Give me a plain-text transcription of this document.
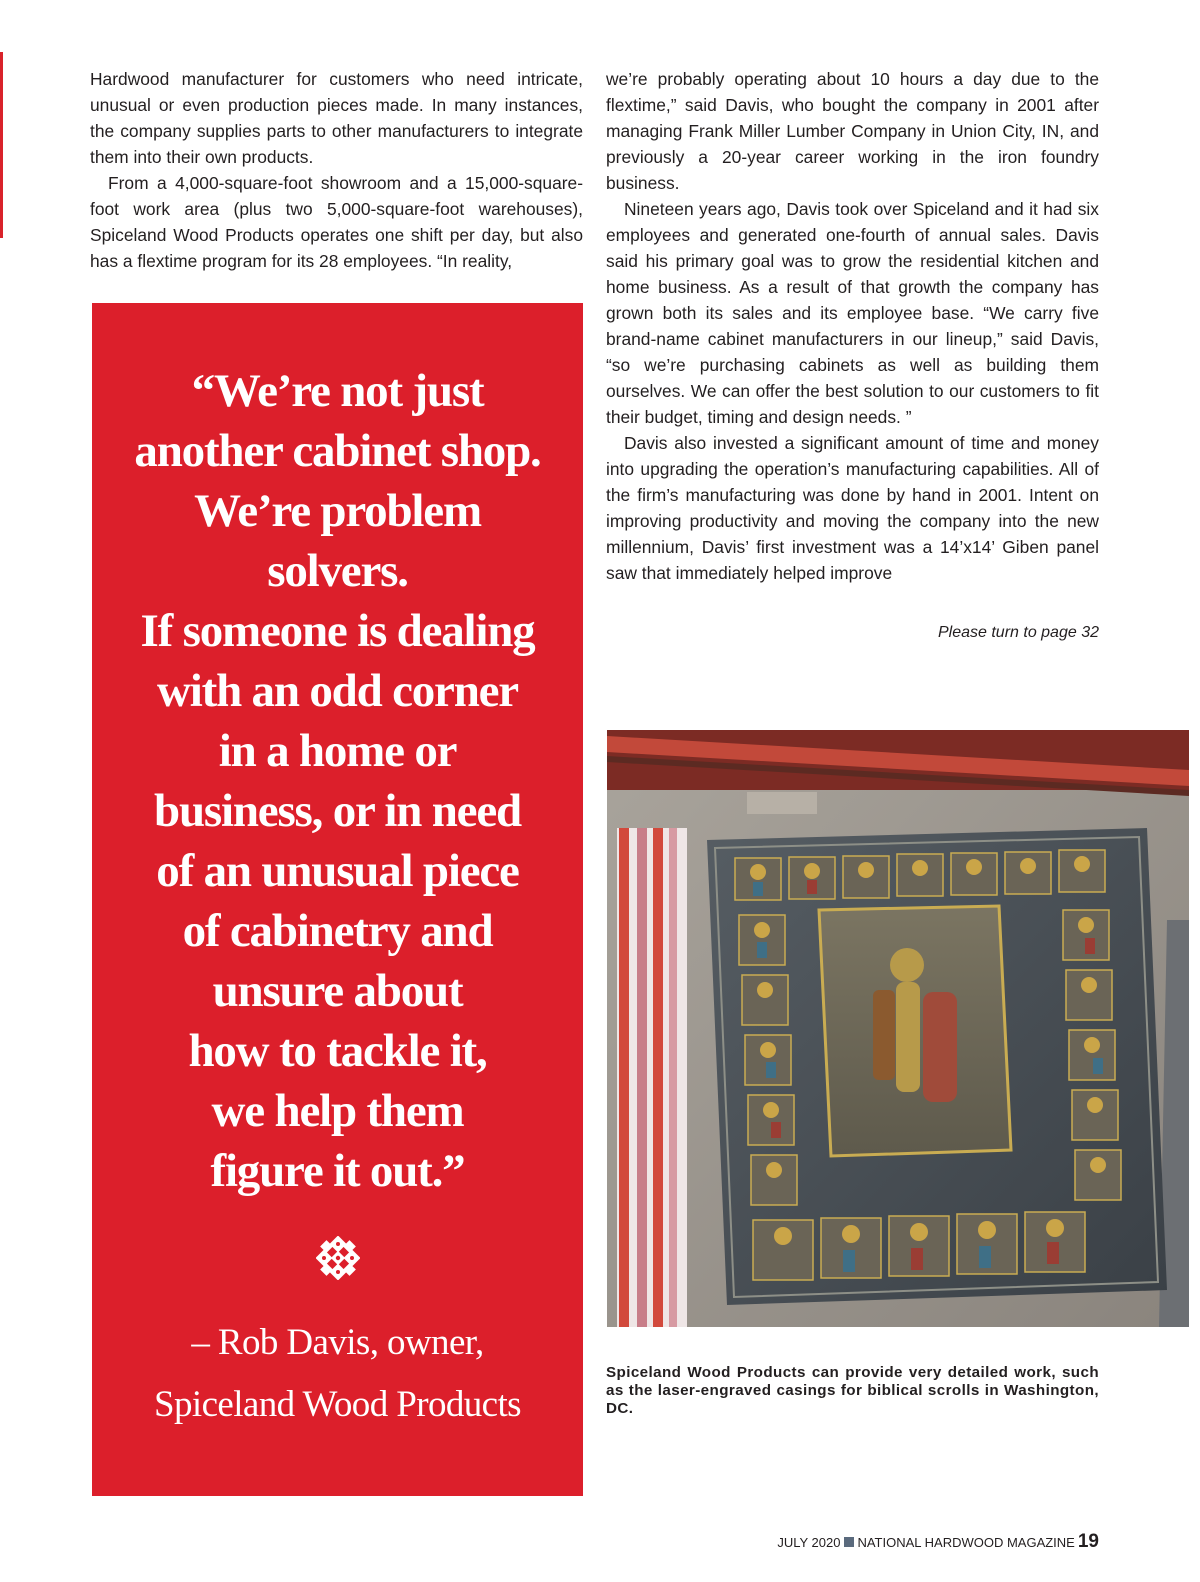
Hardwood manufacturer for customers who need intricate, unusual or even production pieces made. In many instances, the company supplies parts to other manufacturers to integrate them into their own products.

From a 4,000-square-foot showroom and a 15,000-square-foot work area (plus two 5,000-square-foot warehouses), Spiceland Wood Products operates one shift per day, but also has a flextime program for its 28 employees. “In reality,

we’re probably operating about 10 hours a day due to the flextime,” said Davis, who bought the company in 2001 after managing Frank Miller Lumber Company in Union City, IN, and previously a 20-year career working in the iron foundry business.

Nineteen years ago, Davis took over Spiceland and it had six employees and generated one-fourth of annual sales. Davis said his primary goal was to grow the residential kitchen and home business. As a result of that growth the company has grown both its sales and its employee base. “We carry five brand-name cabinet manufacturers in our lineup,” said Davis, “so we’re purchasing cabinets as well as building them ourselves. We can offer the best solution to our customers to fit their budget, timing and design needs. ”

Davis also invested a significant amount of time and money into upgrading the operation’s manufacturing capabilities. All of the firm’s manufacturing was done by hand in 2001. Intent on improving productivity and moving the company into the new millennium, Davis’ first investment was a 14’x14’ Giben panel saw that immediately helped improve

Please turn to page 32
“We’re not just
another cabinet shop.
We’re problem
solvers.
If someone is dealing
with an odd corner
in a home or
business, or in need
of an unusual piece
of cabinetry and
unsure about
how to tackle it,
we help them
figure it out.”
– Rob Davis, owner,
Spiceland Wood Products
Spiceland Wood Products can provide very detailed work, such as the laser-engraved casings for biblical scrolls in Washington, DC.
JULY 2020 NATIONAL HARDWOOD MAGAZINE 19
